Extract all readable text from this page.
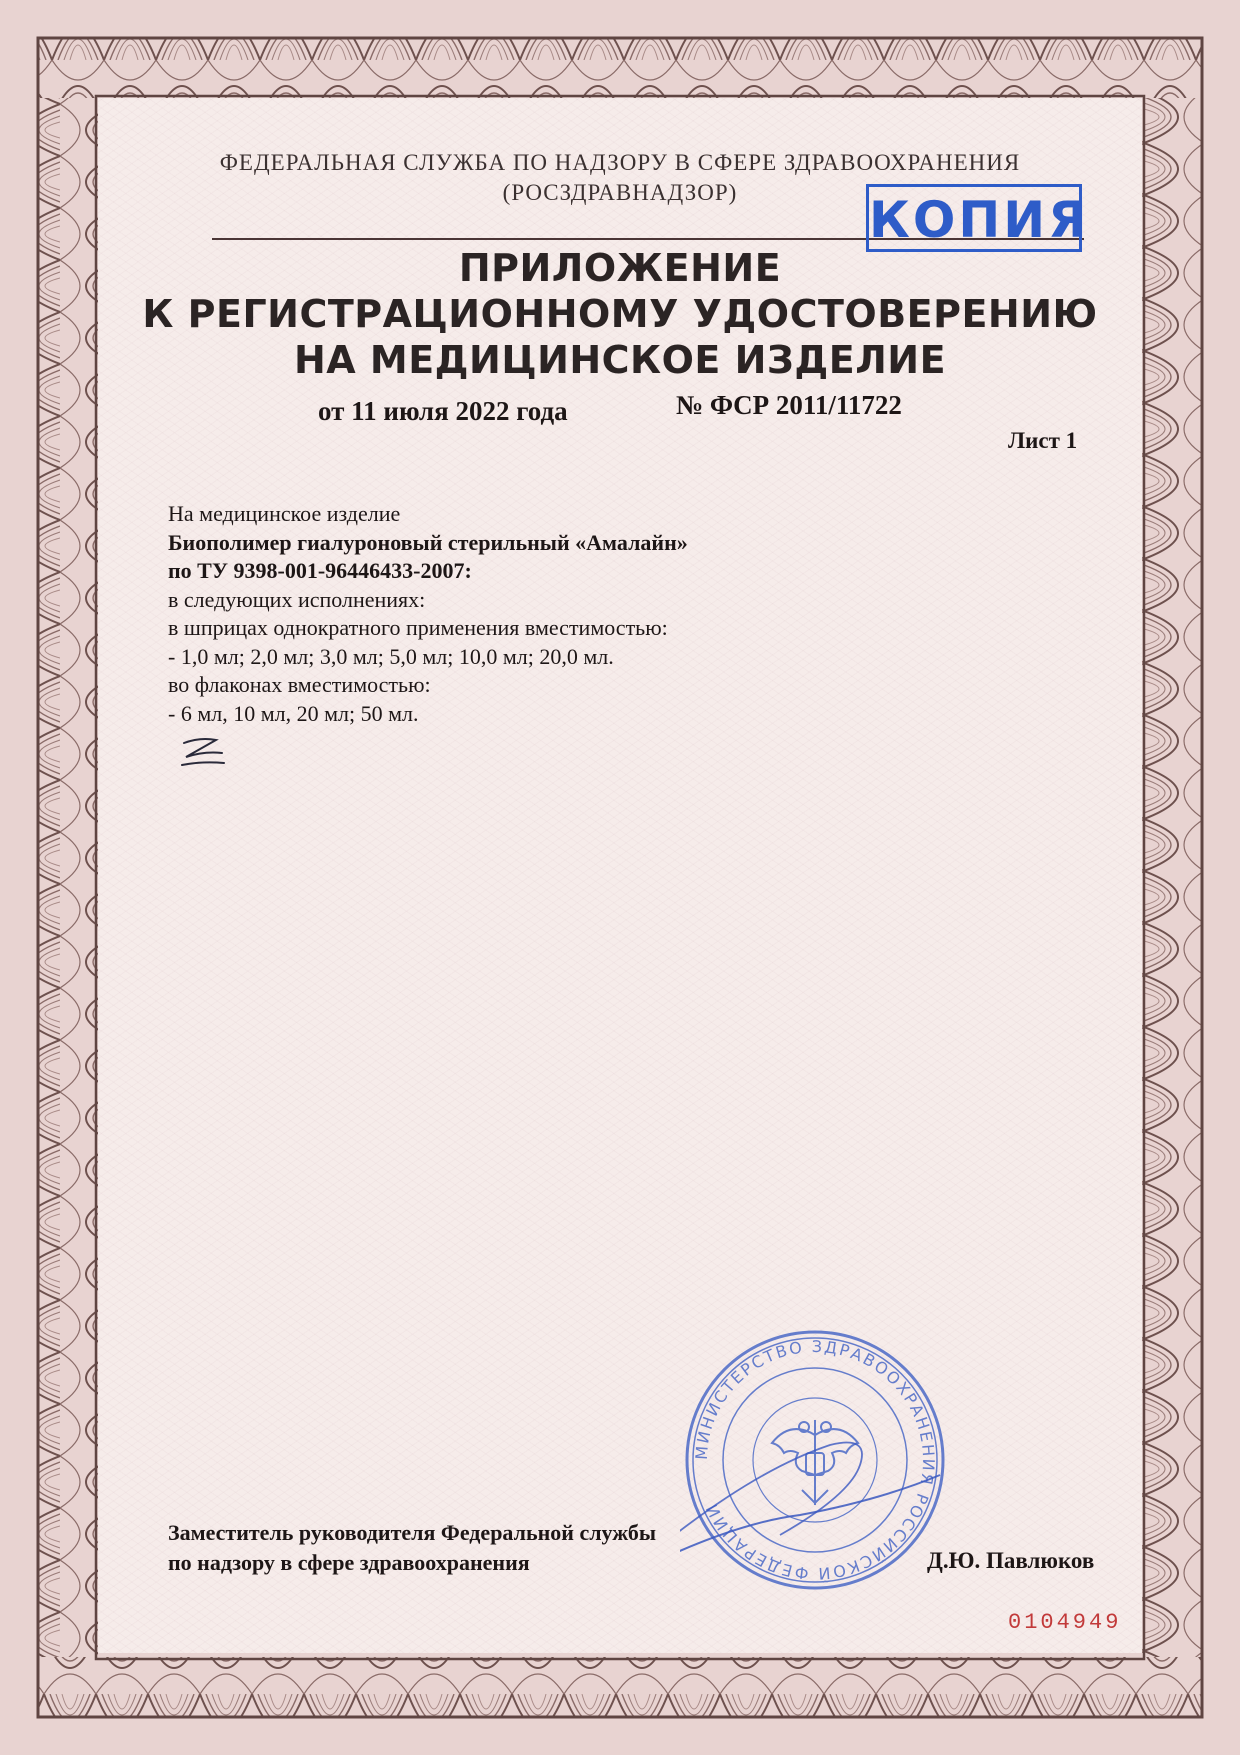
ФЕДЕРАЛЬНАЯ СЛУЖБА ПО НАДЗОРУ В СФЕРЕ ЗДРАВООХРАНЕНИЯ
(РОСЗДРАВНАДЗОР)	КОПИЯ
ПРИЛОЖЕНИЕ
К РЕГИСТРАЦИОННОМУ УДОСТОВЕРЕНИЮ
НА МЕДИЦИНСКОЕ ИЗДЕЛИЕ
от 11 июля 2022 года	№ ФСР 2011/11722
Лист 1
На медицинское изделие
Биополимер гиалуроновый стерильный «Амалайн»
по ТУ 9398-001-96446433-2007:
в следующих исполнениях:
в шприцах однократного применения вместимостью:
- 1,0 мл; 2,0 мл; 3,0 мл; 5,0 мл; 10,0 мл; 20,0 мл.
во флаконах вместимостью:
- 6 мл, 10 мл, 20 мл; 50 мл.
МИНИСТЕРСТВО ЗДРАВООХРАНЕНИЯ РОССИЙСКОЙ ФЕДЕРАЦИИ
Заместитель руководителя Федеральной службы
по надзору в сфере здравоохранения	Д.Ю. Павлюков
0104949
